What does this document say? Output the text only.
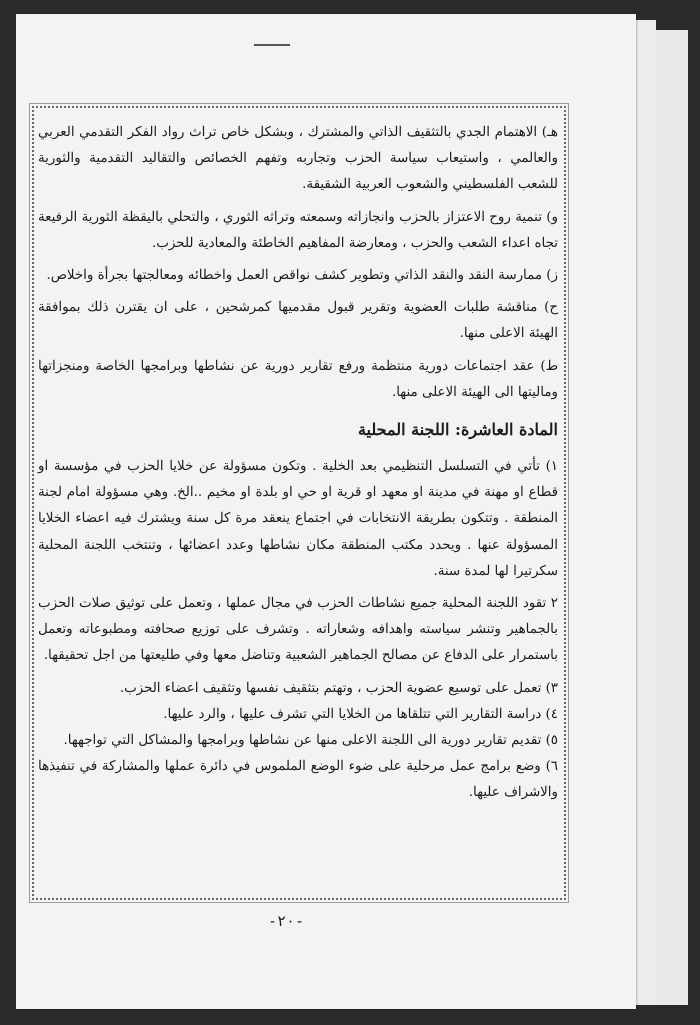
هـ) الاهتمام الجدي بالتثقيف الذاتي والمشترك ، وبشكل خاص تراث رواد الفكر التقدمي العربي والعالمي ، واستيعاب سياسة الحزب وتجاربه وتفهم الخصائص والتقاليد التقدمية والثورية للشعب الفلسطيني والشعوب العربية الشقيقة.

و) تنمية روح الاعتزاز بالحزب وانجازاته وسمعته وتراثه الثوري ، والتحلي باليقظة الثورية الرفيعة تجاه اعداء الشعب والحزب ، ومعارضة المفاهيم الخاطئة والمعادية للحزب.

ز) ممارسة النقد والنقد الذاتي وتطوير كشف نواقص العمل واخطائه ومعالجتها بجرأة واخلاص.

ح) مناقشة طلبات العضوية وتقرير قبول مقدميها كمرشحين ، على ان يقترن ذلك بموافقة الهيئة الاعلى منها.

ط) عقد اجتماعات دورية منتظمة ورفع تقارير دورية عن نشاطها وبرامجها الخاصة ومنجزاتها وماليتها الى الهيئة الاعلى منها.

المادة العاشرة: اللجنة المحلية

١) تأتي في التسلسل التنظيمي بعد الخلية . وتكون مسؤولة عن خلايا الحزب في مؤسسة او قطاع او مهنة في مدينة او معهد او قرية او حي او بلدة او مخيم ..الخ. وهي مسؤولة امام لجنة المنطقة . وتتكون بطريقة الانتخابات في اجتماع ينعقد مرة كل سنة ويشترك فيه اعضاء الخلايا المسؤولة عنها . ويحدد مكتب المنطقة مكان نشاطها وعدد اعضائها ، وتنتخب اللجنة المحلية سكرتيرا لها لمدة سنة.

٢ تقود اللجنة المحلية جميع نشاطات الحزب في مجال عملها ، وتعمل على توثيق صلات الحزب بالجماهير وتنشر سياسته واهدافه وشعاراته . وتشرف على توزيع صحافته ومطبوعاته وتعمل باستمرار على الدفاع عن مصالح الجماهير الشعبية وتناضل معها وفي طليعتها من اجل تحقيقها.

٣) تعمل على توسيع عضوية الحزب ، وتهتم بتثقيف نفسها وتثقيف اعضاء الحزب.

٤) دراسة التقارير التي تتلقاها من الخلايا التي تشرف عليها ، والرد عليها.

٥) تقديم تقارير دورية الى اللجنة الاعلى منها عن نشاطها وبرامجها والمشاكل التي تواجهها.

٦) وضع برامج عمل مرحلية على ضوء الوضع الملموس في دائرة عملها والمشاركة في تنفيذها والاشراف عليها.

-٢٠-
